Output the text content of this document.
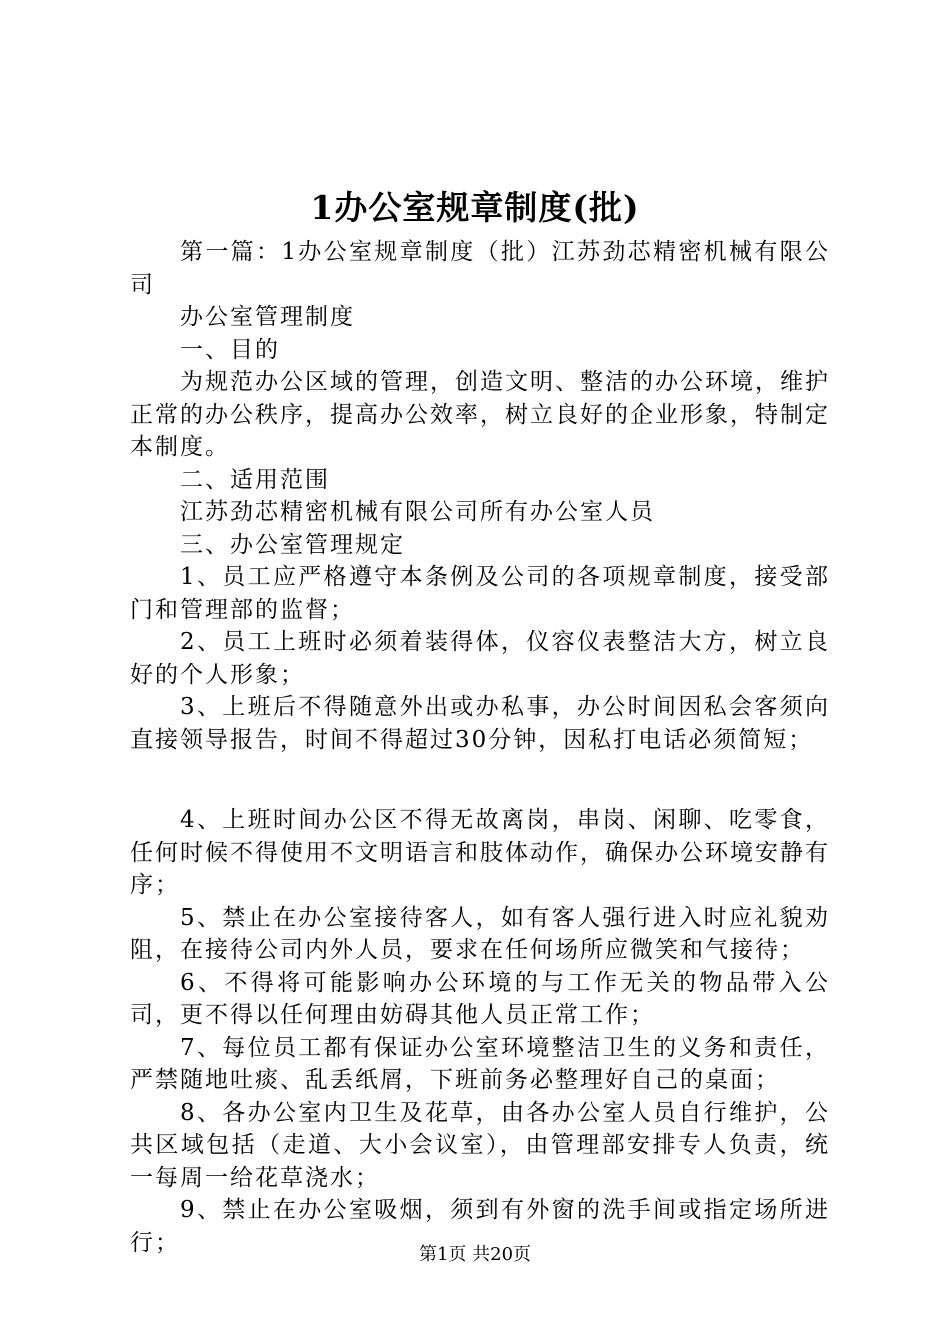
1办公室规章制度(批)

第一篇：1办公室规章制度（批）江苏劲芯精密机械有限公司

办公室管理制度

一、目的

为规范办公区域的管理，创造文明、整洁的办公环境，维护正常的办公秩序，提高办公效率，树立良好的企业形象，特制定本制度。

二、适用范围

江苏劲芯精密机械有限公司所有办公室人员

三、办公室管理规定

1、员工应严格遵守本条例及公司的各项规章制度，接受部门和管理部的监督；

2、员工上班时必须着装得体，仪容仪表整洁大方，树立良好的个人形象；

3、上班后不得随意外出或办私事，办公时间因私会客须向直接领导报告，时间不得超过30分钟，因私打电话必须简短；

4、上班时间办公区不得无故离岗，串岗、闲聊、吃零食，任何时候不得使用不文明语言和肢体动作，确保办公环境安静有序；

5、禁止在办公室接待客人，如有客人强行进入时应礼貌劝阻，在接待公司内外人员，要求在任何场所应微笑和气接待；

6、不得将可能影响办公环境的与工作无关的物品带入公司，更不得以任何理由妨碍其他人员正常工作；

7、每位员工都有保证办公室环境整洁卫生的义务和责任，严禁随地吐痰、乱丢纸屑，下班前务必整理好自己的桌面；

8、各办公室内卫生及花草，由各办公室人员自行维护，公共区域包括（走道、大小会议室），由管理部安排专人负责，统一每周一给花草浇水；

9、禁止在办公室吸烟，须到有外窗的洗手间或指定场所进行；	第1页 共20页
